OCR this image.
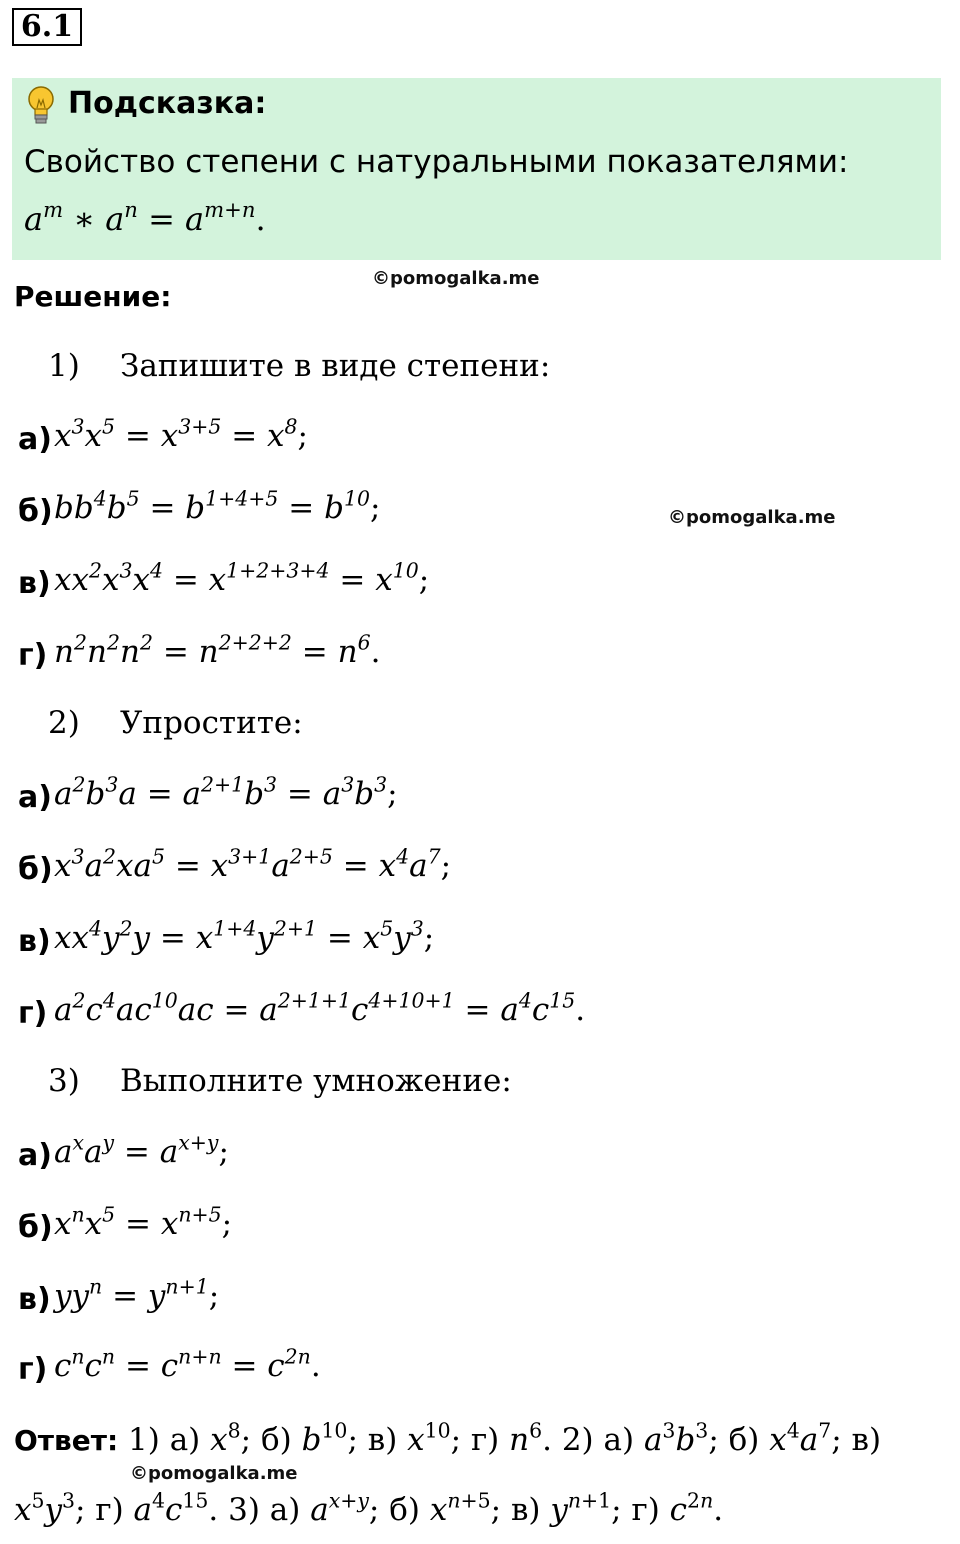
6.1
Подсказка:
Свойство степени с натуральными показателями:
$a^m$ ∗ $a^n = a^{m+n}$.
©pomogalka.me
©pomogalka.me
©pomogalka.me
Решение:
1) Запишите в виде степени:
а) $x^3x^5 = x^{3+5} = x^8$;
б) $bb^4b^5 = b^{1+4+5} = b^{10}$;
в) $xx^2x^3x^4 = x^{1+2+3+4} = x^{10}$;
г) $n^2n^2n^2 = n^{2+2+2} = n^6$.
2) Упростите:
а) $a^2b^3a = a^{2+1}b^3 = a^3b^3$;
б) $x^3a^2xa^5 = x^{3+1}a^{2+5} = x^4a^7$;
в) $xx^4y^2y = x^{1+4}y^{2+1} = x^5y^3$;
г) $a^2c^4ac^{10}ac = a^{2+1+1}c^{4+10+1} = a^4c^{15}$.
3) Выполните умножение:
а) $a^xa^y = a^{x+y}$;
б) $x^nx^5 = x^{n+5}$;
в) $yy^n = y^{n+1}$;
г) $c^nc^n = c^{n+n} = c^{2n}$.
Ответ: 1) а) $x^8$; б) $b^{10}$; в) $x^{10}$; г) $n^6$. 2) а) $a^3b^3$; б) $x^4a^7$; в)
$x^5y^3$; г) $a^4c^{15}$. 3) а) $a^{x+y}$; б) $x^{n+5}$; в) $y^{n+1}$; г) $c^{2n}$.
